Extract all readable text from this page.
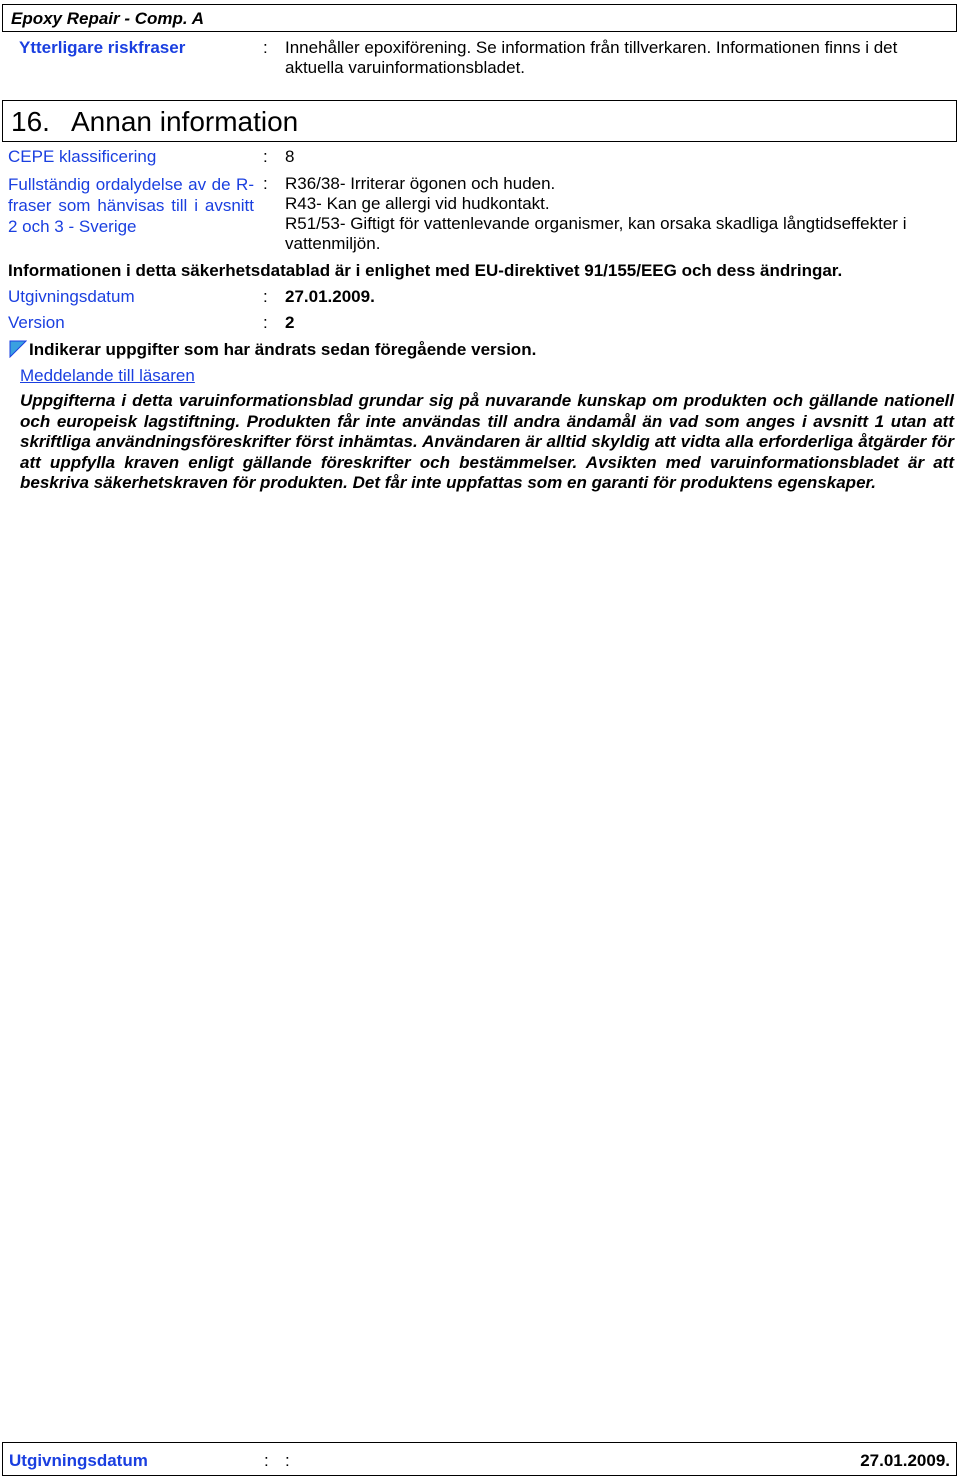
Epoxy Repair - Comp. A
Ytterligare riskfraser	: Innehåller epoxiförening. Se information från tillverkaren. Informationen finns i det aktuella varuinformationsbladet.
16. Annan information
CEPE klassificering	: 8
Fullständig ordalydelse av de R-fraser som hänvisas till i avsnitt 2 och 3 - Sverige
: R36/38- Irriterar ögonen och huden.
R43- Kan ge allergi vid hudkontakt.
R51/53- Giftigt för vattenlevande organismer, kan orsaka skadliga långtidseffekter i vattenmiljön.
Informationen i detta säkerhetsdatablad är i enlighet med EU-direktivet 91/155/EEG och dess ändringar.
Utgivningsdatum	: 27.01.2009.
Version	: 2
Indikerar uppgifter som har ändrats sedan föregående version.
Meddelande till läsaren
Uppgifterna i detta varuinformationsblad grundar sig på nuvarande kunskap om produkten och gällande nationell och europeisk lagstiftning. Produkten får inte användas till andra ändamål än vad som anges i avsnitt 1 utan att skriftliga användningsföreskrifter först inhämtas. Användaren är alltid skyldig att vidta alla erforderliga åtgärder för att uppfylla kraven enligt gällande föreskrifter och bestämmelser. Avsikten med varuinformationsbladet är att beskriva säkerhetskraven för produkten. Det får inte uppfattas som en garanti för produktens egenskaper.
Utgivningsdatum	: :	27.01.2009.
